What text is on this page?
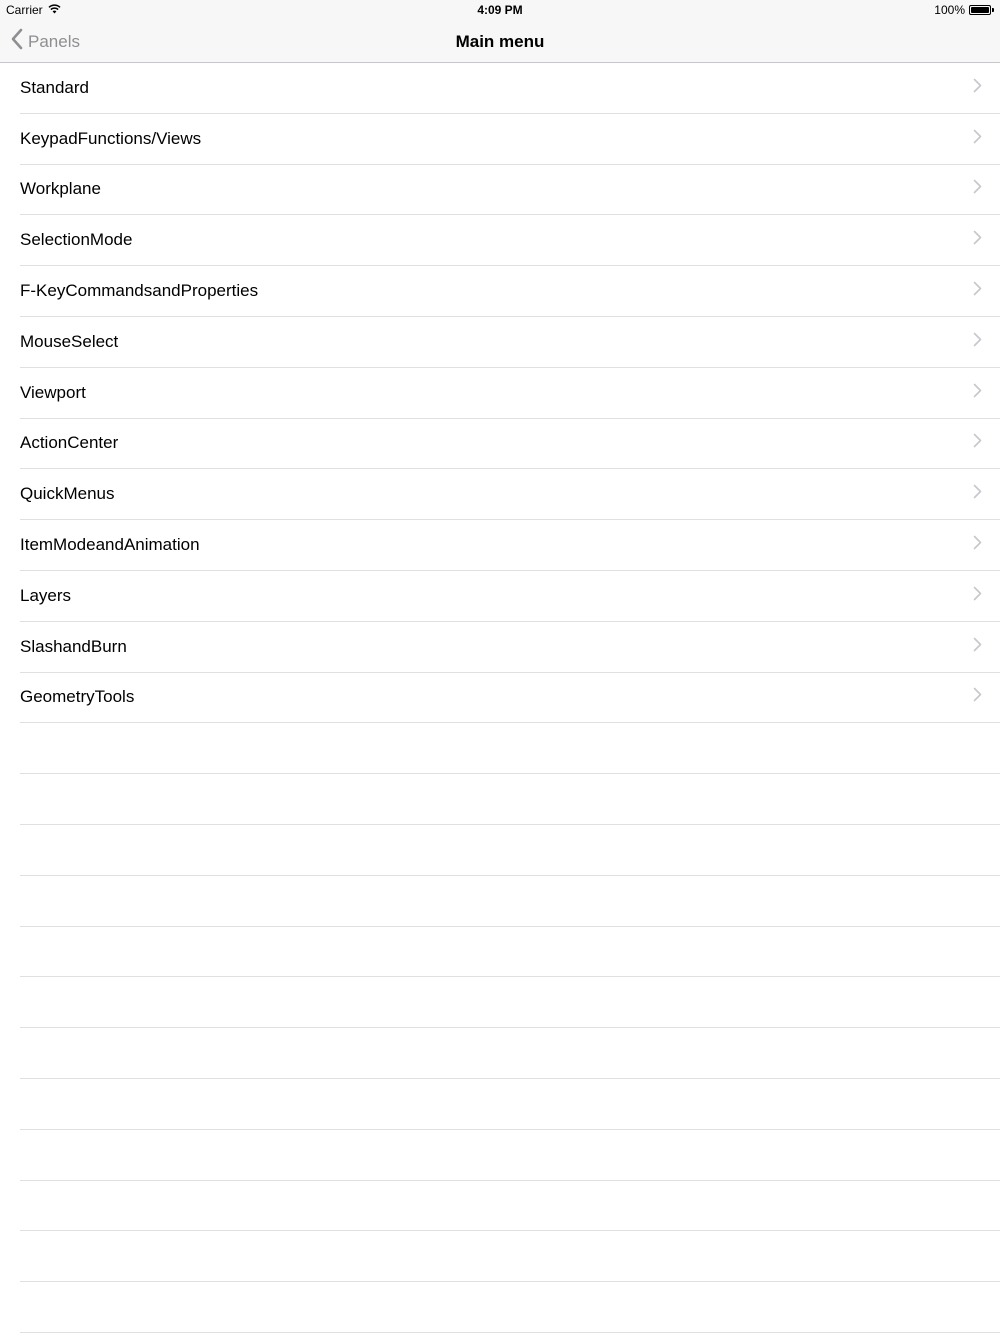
Carrier	4:09 PM	100%
Panels	Main menu
Standard
KeypadFunctions/Views
Workplane
SelectionMode
F-KeyCommandsandProperties
MouseSelect
Viewport
ActionCenter
QuickMenus
ItemModeandAnimation
Layers
SlashandBurn
GeometryTools
